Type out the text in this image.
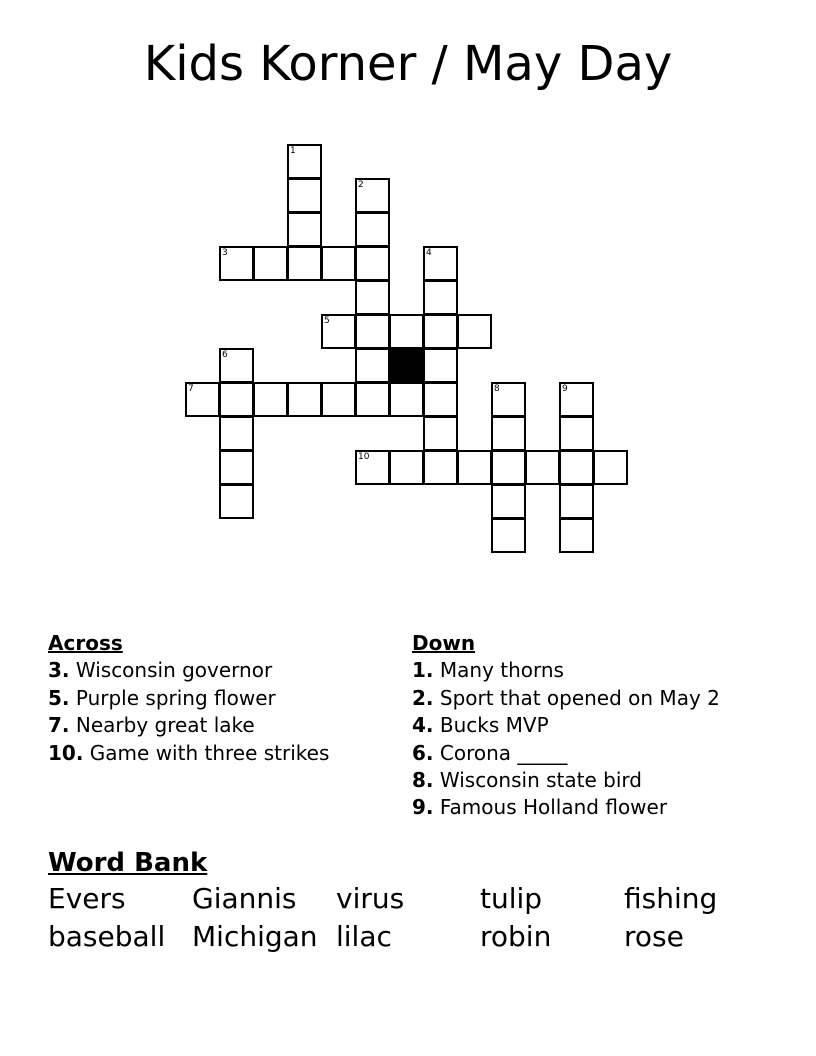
Kids Korner / May Day
1
2
3	4
5
6
7	8	9
10
Across
3. Wisconsin governor
5. Purple spring flower
7. Nearby great lake
10. Game with three strikes
Down
1. Many thorns
2. Sport that opened on May 2
4. Bucks MVP
6. Corona _____
8. Wisconsin state bird
9. Famous Holland flower
Word Bank
Evers	Giannis	virus	tulip	fishing
baseball Michigan lilac	robin	rose
